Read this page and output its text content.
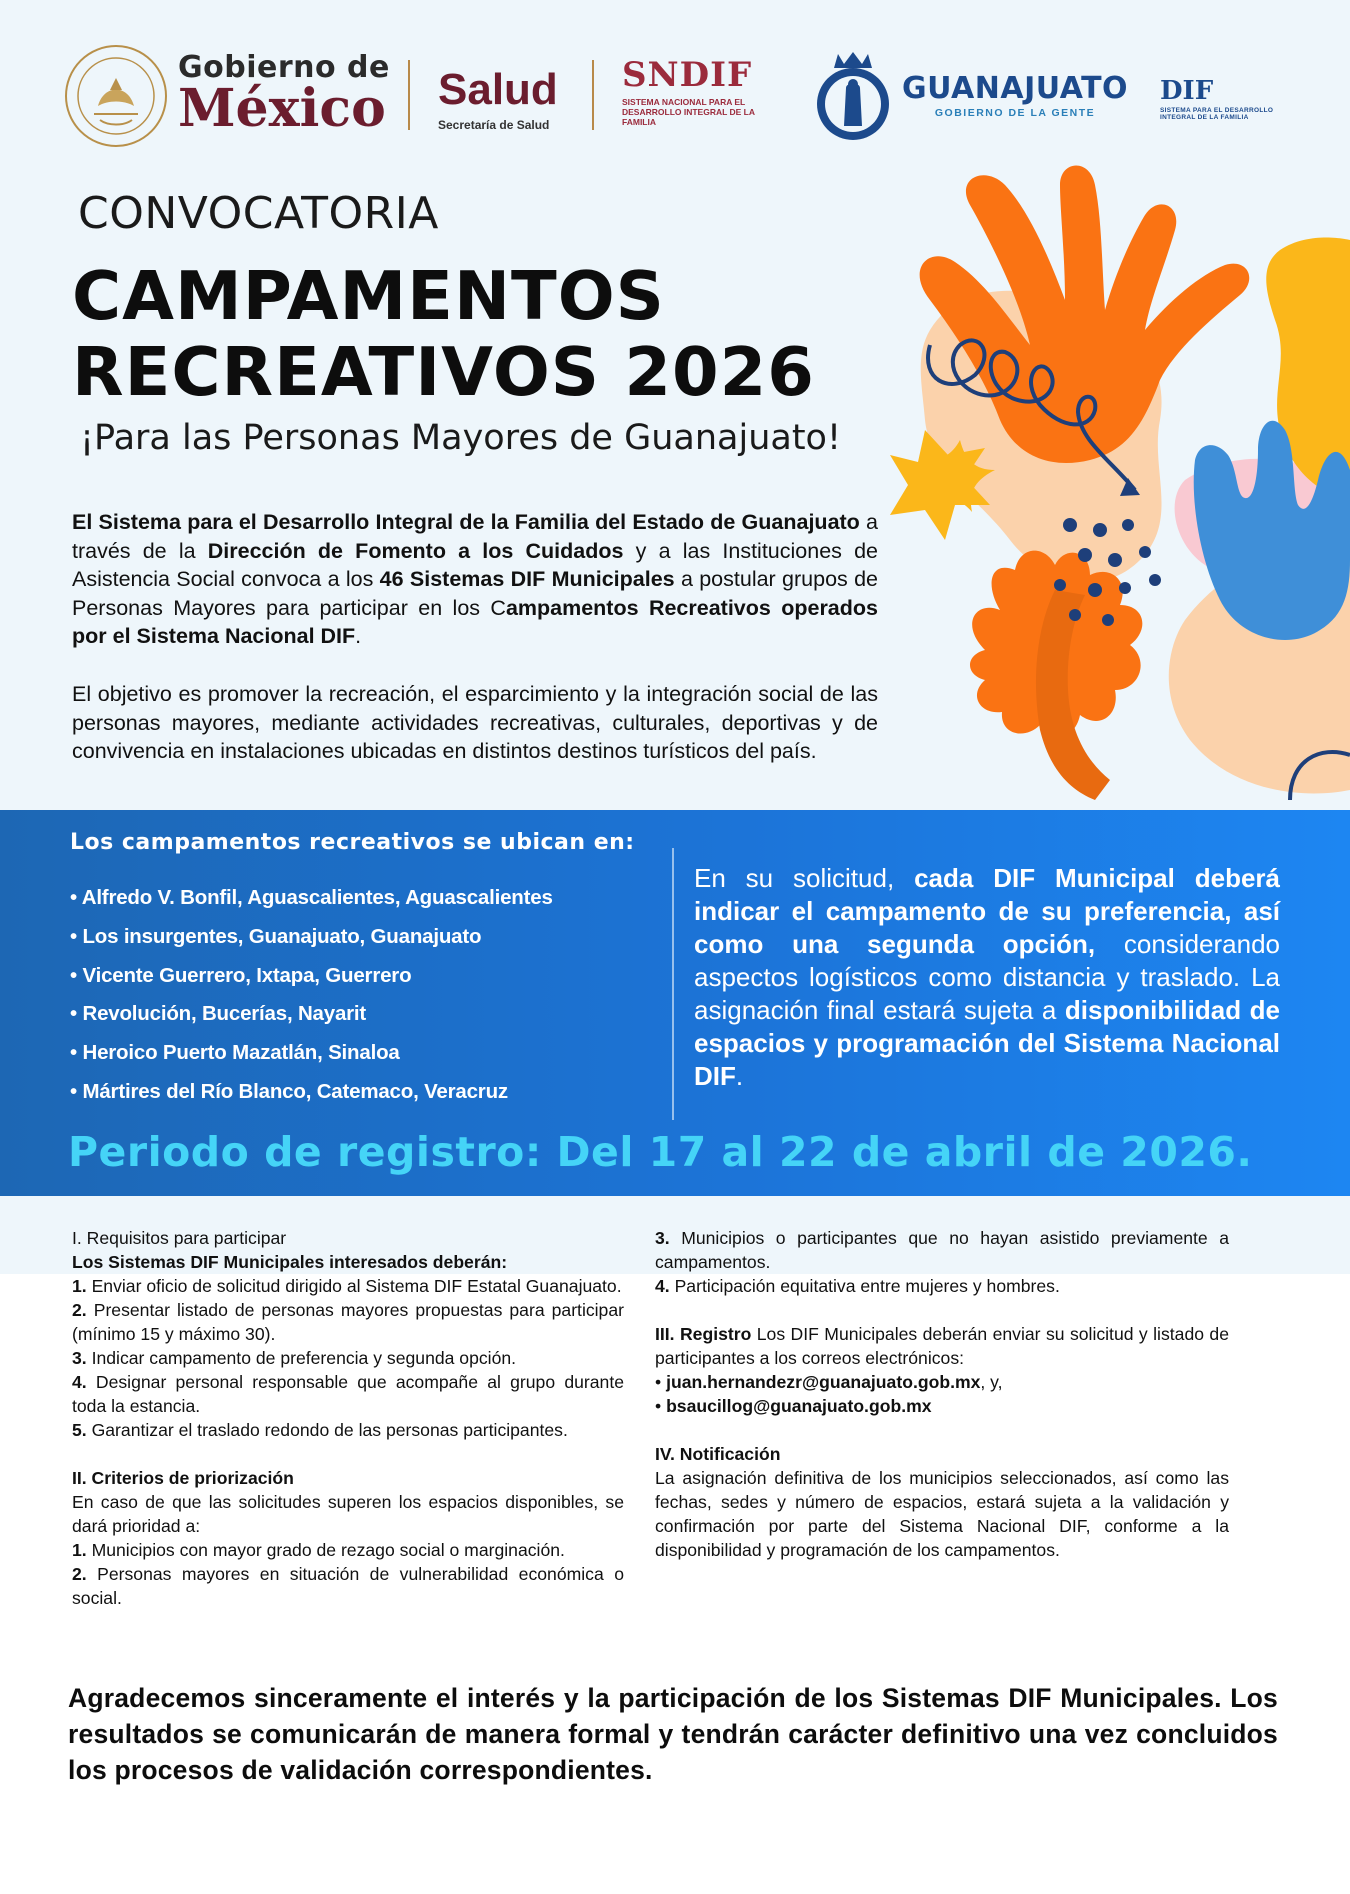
Gobierno de
México Salud
Secretaría de Salud
SNDIF
SISTEMA NACIONAL PARA EL DESARROLLO INTEGRAL DE LA FAMILIA
GUANAJUATO
GOBIERNO DE LA GENTE
DIF
SISTEMA PARA EL DESARROLLO INTEGRAL DE LA FAMILIA
CONVOCATORIA
CAMPAMENTOS
RECREATIVOS 2026
¡Para las Personas Mayores de Guanajuato!

El Sistema para el Desarrollo Integral de la Familia del Estado de Guanajuato a través de la Dirección de Fomento a los Cuidados y a las Instituciones de Asistencia Social convoca a los 46 Sistemas DIF Municipales a postular grupos de Personas Mayores para participar en los Campamentos Recreativos operados por el Sistema Nacional DIF.

El objetivo es promover la recreación, el esparcimiento y la integración social de las personas mayores, mediante actividades recreativas, culturales, deportivas y de convivencia en instalaciones ubicadas en distintos destinos turísticos del país.

Los campamentos recreativos se ubican en:
• Alfredo V. Bonfil, Aguascalientes, Aguascalientes
• Los insurgentes, Guanajuato, Guanajuato
• Vicente Guerrero, Ixtapa, Guerrero
• Revolución, Bucerías, Nayarit
• Heroico Puerto Mazatlán, Sinaloa
• Mártires del Río Blanco, Catemaco, Veracruz

En su solicitud, cada DIF Municipal deberá indicar el campamento de su preferencia, así como una segunda opción, considerando aspectos logísticos como distancia y traslado. La asignación final estará sujeta a disponibilidad de espacios y programación del Sistema Nacional DIF.

Periodo de registro: Del 17 al 22 de abril de 2026.

I. Requisitos para participar

Los Sistemas DIF Municipales interesados deberán:

1. Enviar oficio de solicitud dirigido al Sistema DIF Estatal Guanajuato.

2. Presentar listado de personas mayores propuestas para participar (mínimo 15 y máximo 30).

3. Indicar campamento de preferencia y segunda opción.

4. Designar personal responsable que acompañe al grupo durante toda la estancia.

5. Garantizar el traslado redondo de las personas participantes.

II. Criterios de priorización

En caso de que las solicitudes superen los espacios disponibles, se dará prioridad a:

1. Municipios con mayor grado de rezago social o marginación.

2. Personas mayores en situación de vulnerabilidad económica o social.

3. Municipios o participantes que no hayan asistido previamente a campamentos.

4. Participación equitativa entre mujeres y hombres.

III. Registro Los DIF Municipales deberán enviar su solicitud y listado de participantes a los correos electrónicos:

• juan.hernandezr@guanajuato.gob.mx, y,

• bsaucillog@guanajuato.gob.mx

IV. Notificación

La asignación definitiva de los municipios seleccionados, así como las fechas, sedes y número de espacios, estará sujeta a la validación y confirmación por parte del Sistema Nacional DIF, conforme a la disponibilidad y programación de los campamentos.

Agradecemos sinceramente el interés y la participación de los Sistemas DIF Municipales. Los resultados se comunicarán de manera formal y tendrán carácter definitivo una vez concluidos los procesos de validación correspondientes.
